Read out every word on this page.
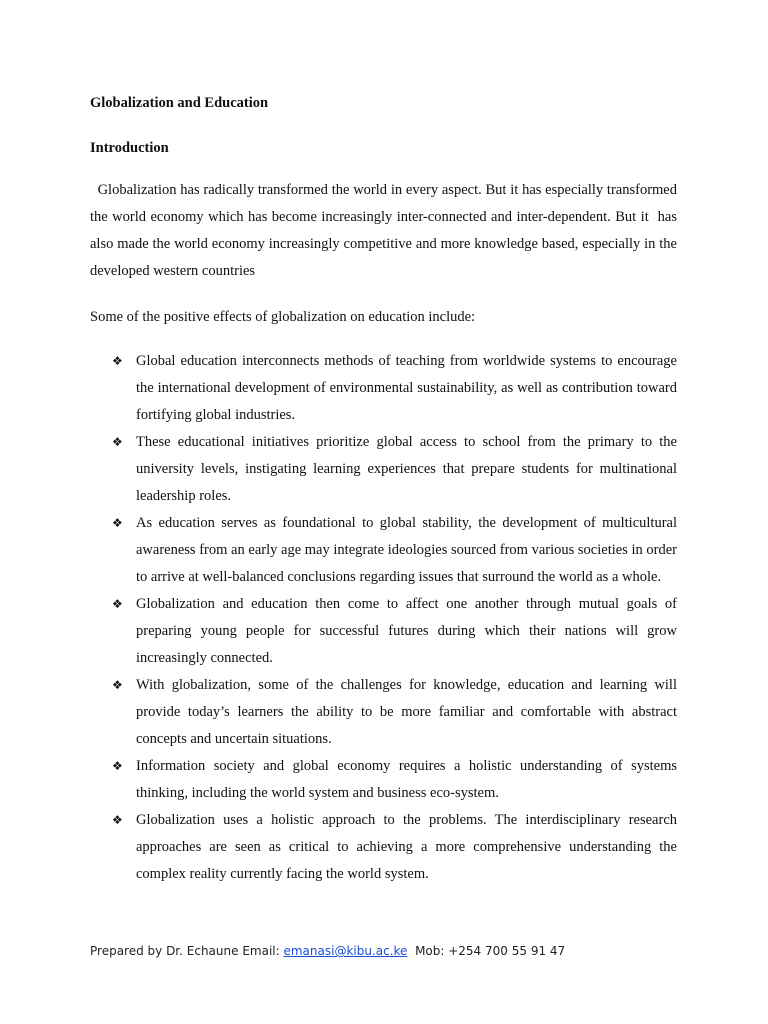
Globalization and Education
Introduction

Globalization has radically transformed the world in every aspect. But it has especially transformed the world economy which has become increasingly inter-connected and inter-dependent. But it  has also made the world economy increasingly competitive and more knowledge based, especially in the developed western countries

Some of the positive effects of globalization on education include:

❖ Global education interconnects methods of teaching from worldwide systems to encourage the international development of environmental sustainability, as well as contribution toward fortifying global industries.
❖ These educational initiatives prioritize global access to school from the primary to the university levels, instigating learning experiences that prepare students for multinational leadership roles.
❖ As education serves as foundational to global stability, the development of multicultural awareness from an early age may integrate ideologies sourced from various societies in order to arrive at well-balanced conclusions regarding issues that surround the world as a whole.
❖ Globalization and education then come to affect one another through mutual goals of preparing young people for successful futures during which their nations will grow increasingly connected.
❖ With globalization, some of the challenges for knowledge, education and learning will provide today’s learners the ability to be more familiar and comfortable with abstract concepts and uncertain situations.
❖ Information society and global economy requires a holistic understanding of systems thinking, including the world system and business eco-system.
❖ Globalization uses a holistic approach to the problems. The interdisciplinary research approaches are seen as critical to achieving a more comprehensive understanding the complex reality currently facing the world system.
Prepared by Dr. Echaune Email: emanasi@kibu.ac.ke  Mob: +254 700 55 91 47
